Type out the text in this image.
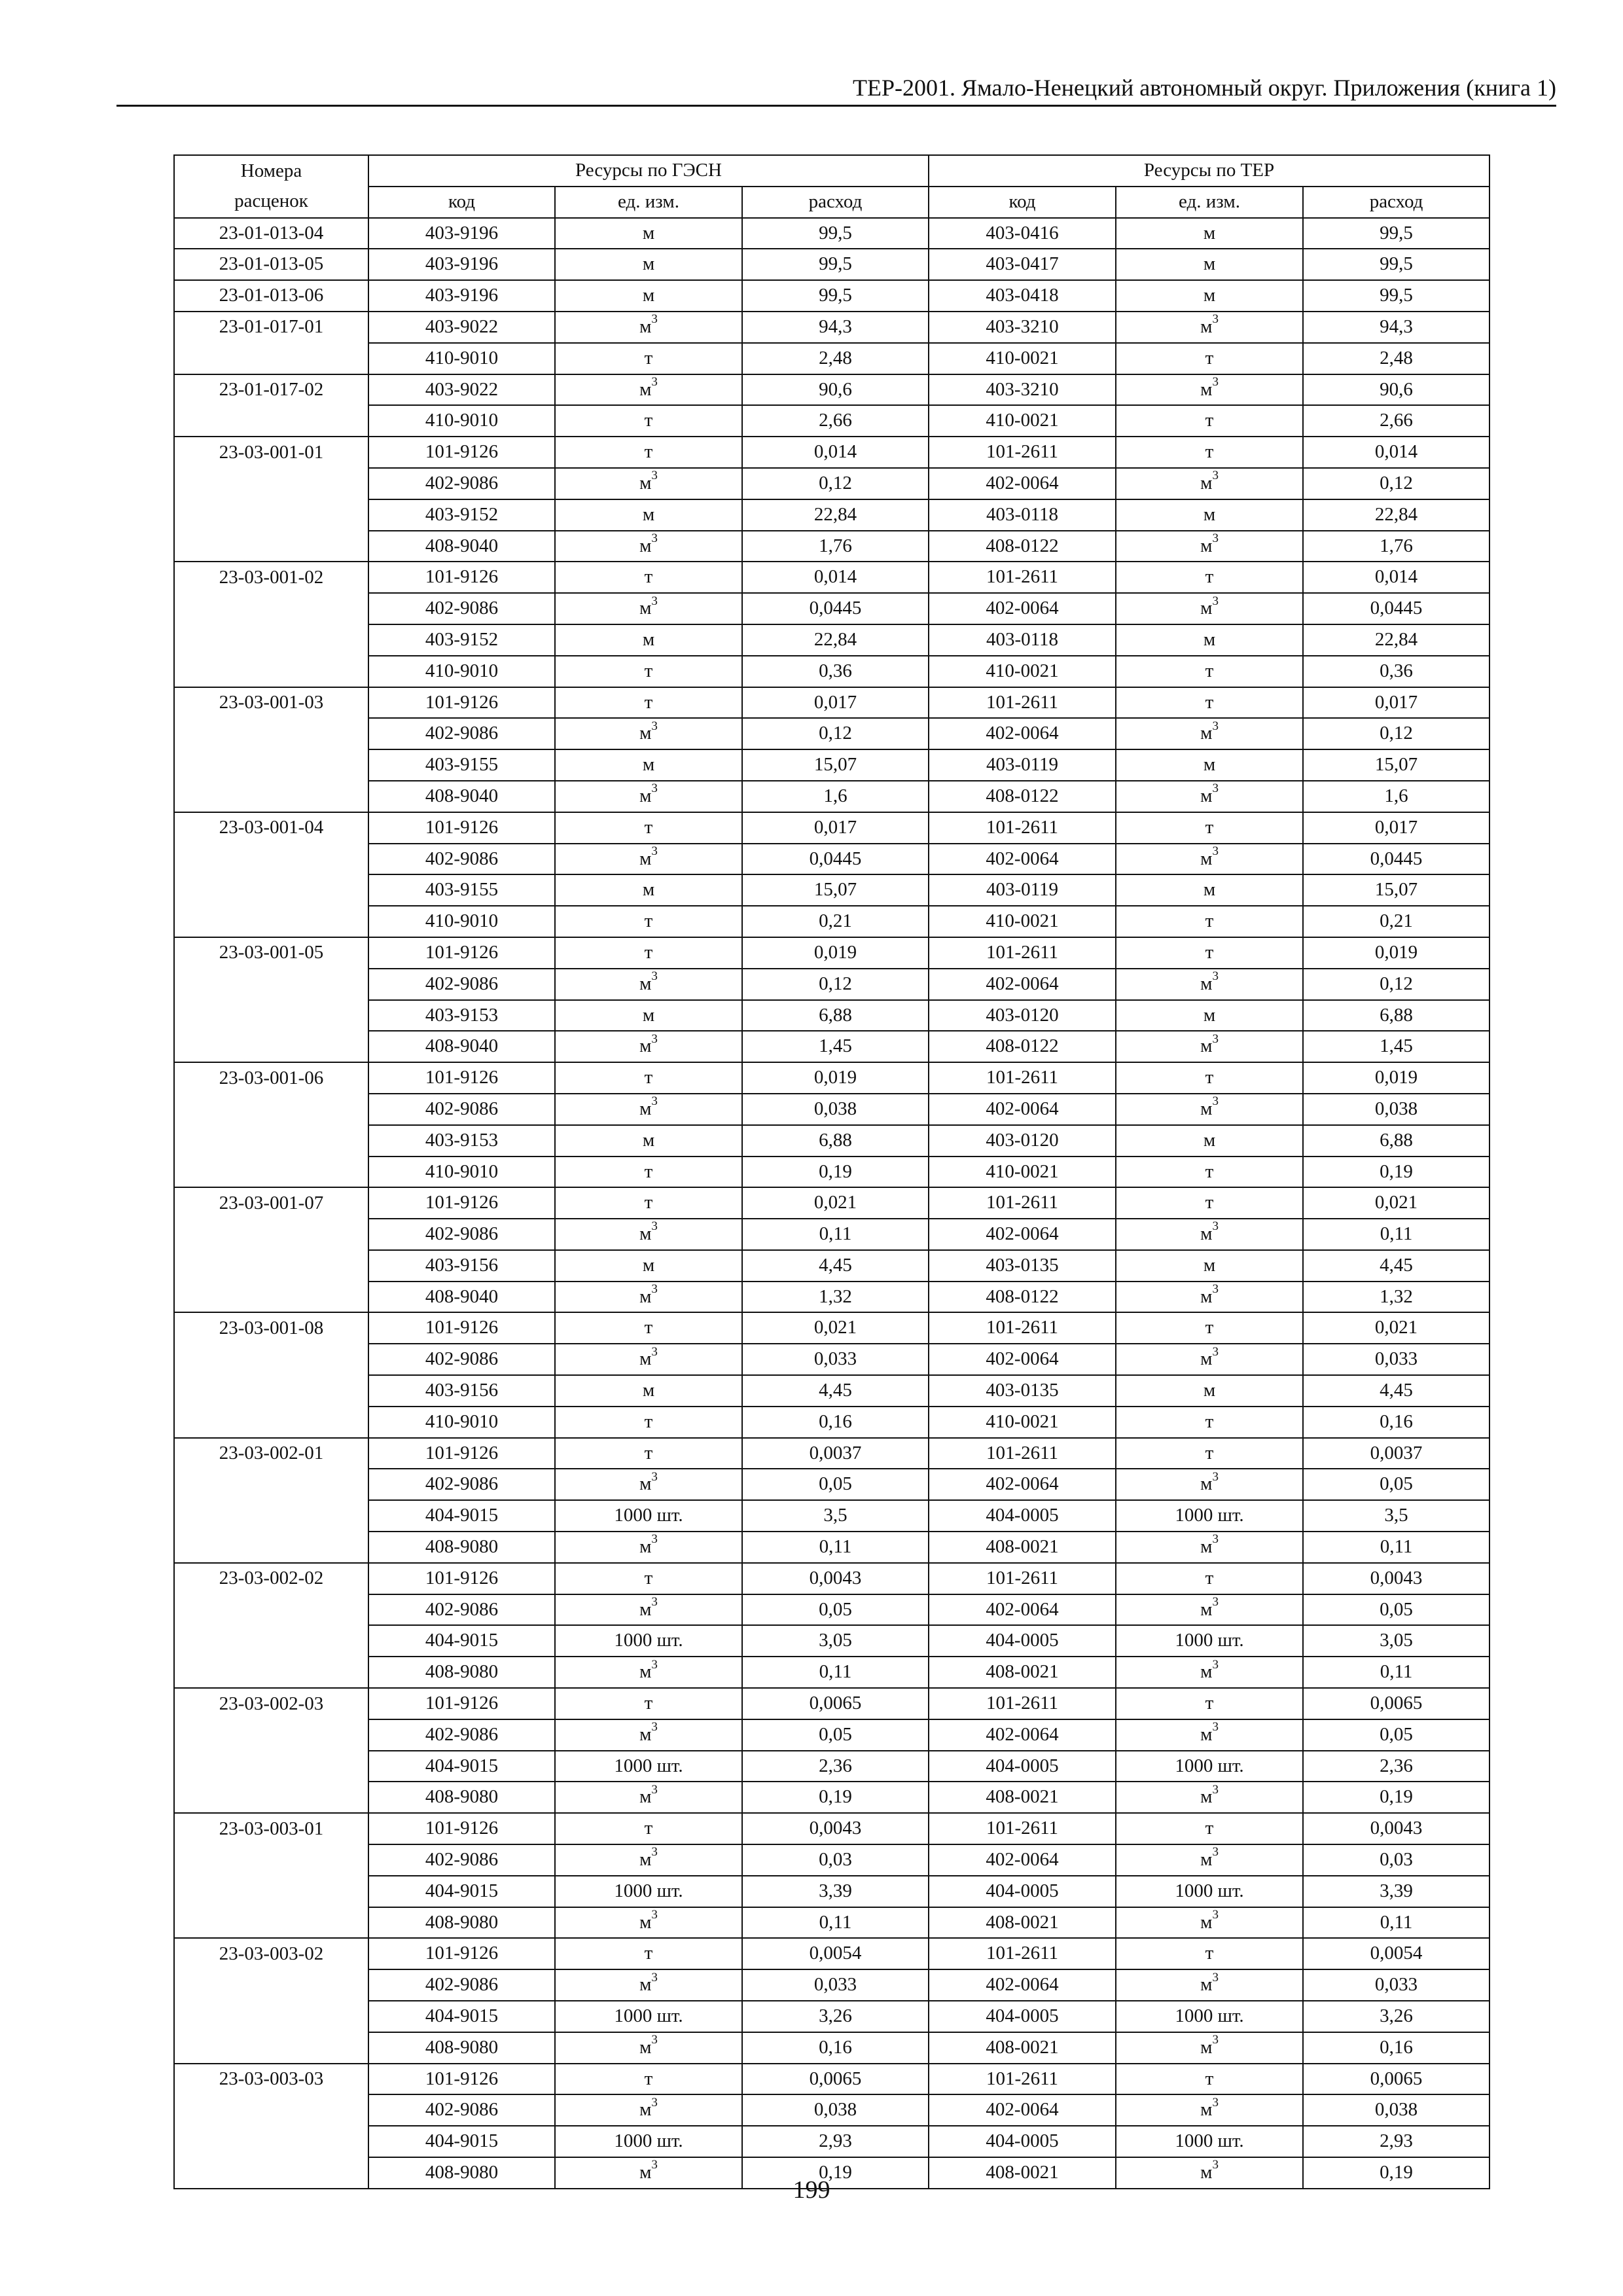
ТЕР-2001. Ямало-Ненецкий автономный округ. Приложения (книга 1)
Номера	Ресурсы по ГЭСН			Ресурсы по ТЕР		
расценок	код	ед. изм.	расход	код	ед. изм.	расход
23-01-013-04	403-9196	м	99,5	403-0416	м	99,5
23-01-013-05	403-9196	м	99,5	403-0417	м	99,5
23-01-013-06	403-9196	м	99,5	403-0418	м	99,5
23-01-017-01	403-9022	$м^3$	94,3	403-3210	$м^3$	94,3
	410-9010	т	2,48	410-0021	т	2,48
23-01-017-02	403-9022	$м^3$	90,6	403-3210	$м^3$	90,6
	410-9010	т	2,66	410-0021	т	2,66
23-03-001-01	101-9126	т	0,014	101-2611	т	0,014
	402-9086	$м^3$	0,12	402-0064	$м^3$	0,12
	403-9152	м	22,84	403-0118	м	22,84
	408-9040	$м^3$	1,76	408-0122	$м^3$	1,76
23-03-001-02	101-9126	т	0,014	101-2611	т	0,014
	402-9086	$м^3$	0,0445	402-0064	$м^3$	0,0445
	403-9152	м	22,84	403-0118	м	22,84
	410-9010	т	0,36	410-0021	т	0,36
23-03-001-03	101-9126	т	0,017	101-2611	т	0,017
	402-9086	$м^3$	0,12	402-0064	$м^3$	0,12
	403-9155	м	15,07	403-0119	м	15,07
	408-9040	$м^3$	1,6	408-0122	$м^3$	1,6
23-03-001-04	101-9126	т	0,017	101-2611	т	0,017
	402-9086	$м^3$	0,0445	402-0064	$м^3$	0,0445
	403-9155	м	15,07	403-0119	м	15,07
	410-9010	т	0,21	410-0021	т	0,21
23-03-001-05	101-9126	т	0,019	101-2611	т	0,019
	402-9086	$м^3$	0,12	402-0064	$м^3$	0,12
	403-9153	м	6,88	403-0120	м	6,88
	408-9040	$м^3$	1,45	408-0122	$м^3$	1,45
23-03-001-06	101-9126	т	0,019	101-2611	т	0,019
	402-9086	$м^3$	0,038	402-0064	$м^3$	0,038
	403-9153	м	6,88	403-0120	м	6,88
	410-9010	т	0,19	410-0021	т	0,19
23-03-001-07	101-9126	т	0,021	101-2611	т	0,021
	402-9086	$м^3$	0,11	402-0064	$м^3$	0,11
	403-9156	м	4,45	403-0135	м	4,45
	408-9040	$м^3$	1,32	408-0122	$м^3$	1,32
23-03-001-08	101-9126	т	0,021	101-2611	т	0,021
	402-9086	$м^3$	0,033	402-0064	$м^3$	0,033
	403-9156	м	4,45	403-0135	м	4,45
	410-9010	т	0,16	410-0021	т	0,16
23-03-002-01	101-9126	т	0,0037	101-2611	т	0,0037
	402-9086	$м^3$	0,05	402-0064	$м^3$	0,05
	404-9015	1000 шт.	3,5	404-0005	1000 шт.	3,5
	408-9080	$м^3$	0,11	408-0021	$м^3$	0,11
23-03-002-02	101-9126	т	0,0043	101-2611	т	0,0043
	402-9086	$м^3$	0,05	402-0064	$м^3$	0,05
	404-9015	1000 шт.	3,05	404-0005	1000 шт.	3,05
	408-9080	$м^3$	0,11	408-0021	$м^3$	0,11
23-03-002-03	101-9126	т	0,0065	101-2611	т	0,0065
	402-9086	$м^3$	0,05	402-0064	$м^3$	0,05
	404-9015	1000 шт.	2,36	404-0005	1000 шт.	2,36
	408-9080	$м^3$	0,19	408-0021	$м^3$	0,19
23-03-003-01	101-9126	т	0,0043	101-2611	т	0,0043
	402-9086	$м^3$	0,03	402-0064	$м^3$	0,03
	404-9015	1000 шт.	3,39	404-0005	1000 шт.	3,39
	408-9080	$м^3$	0,11	408-0021	$м^3$	0,11
23-03-003-02	101-9126	т	0,0054	101-2611	т	0,0054
	402-9086	$м^3$	0,033	402-0064	$м^3$	0,033
	404-9015	1000 шт.	3,26	404-0005	1000 шт.	3,26
	408-9080	$м^3$	0,16	408-0021	$м^3$	0,16
23-03-003-03	101-9126	т	0,0065	101-2611	т	0,0065
	402-9086	$м^3$	0,038	402-0064	$м^3$	0,038
	404-9015	1000 шт.	2,93	404-0005	1000 шт.	2,93
	408-9080	$м^3$	0,19	408-0021	$м^3$	0,19
199
